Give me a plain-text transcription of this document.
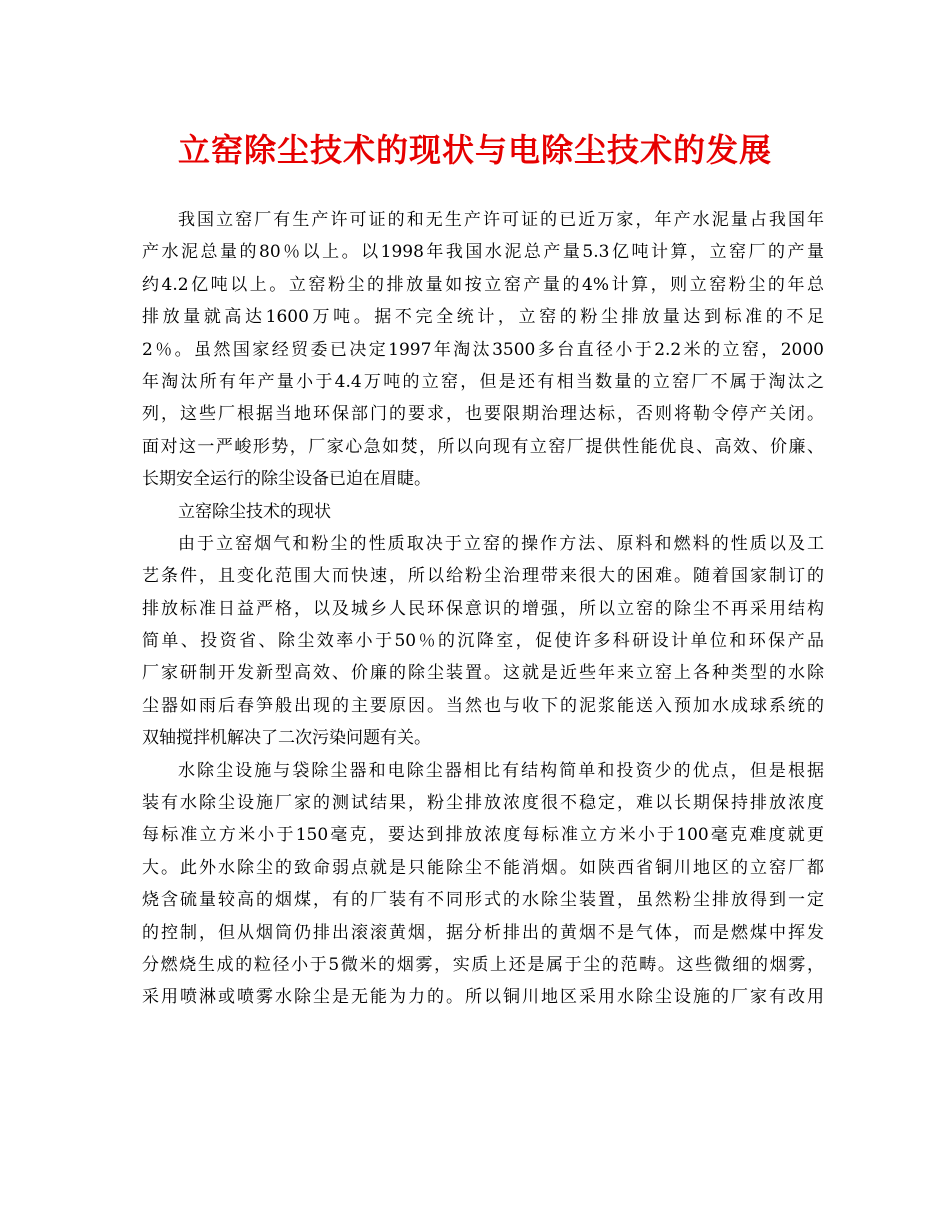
立窑除尘技术的现状与电除尘技术的发展
我国立窑厂有生产许可证的和无生产许可证的已近万家，年产水泥量占我国年
产水泥总量的80％以上。以1998年我国水泥总产量5.3亿吨计算，立窑厂的产量
约4.2亿吨以上。立窑粉尘的排放量如按立窑产量的4%计算，则立窑粉尘的年总
排放量就高达1600万吨。据不完全统计，立窑的粉尘排放量达到标准的不足
2％。虽然国家经贸委已决定1997年淘汰3500多台直径小于2.2米的立窑，2000
年淘汰所有年产量小于4.4万吨的立窑，但是还有相当数量的立窑厂不属于淘汰之
列，这些厂根据当地环保部门的要求，也要限期治理达标，否则将勒令停产关闭。
面对这一严峻形势，厂家心急如焚，所以向现有立窑厂提供性能优良、高效、价廉、
长期安全运行的除尘设备已迫在眉睫。
立窑除尘技术的现状
由于立窑烟气和粉尘的性质取决于立窑的操作方法、原料和燃料的性质以及工
艺条件，且变化范围大而快速，所以给粉尘治理带来很大的困难。随着国家制订的
排放标准日益严格，以及城乡人民环保意识的增强，所以立窑的除尘不再采用结构
简单、投资省、除尘效率小于50％的沉降室，促使许多科研设计单位和环保产品
厂家研制开发新型高效、价廉的除尘装置。这就是近些年来立窑上各种类型的水除
尘器如雨后春笋般出现的主要原因。当然也与收下的泥浆能送入预加水成球系统的
双轴搅拌机解决了二次污染问题有关。
水除尘设施与袋除尘器和电除尘器相比有结构简单和投资少的优点，但是根据
装有水除尘设施厂家的测试结果，粉尘排放浓度很不稳定，难以长期保持排放浓度
每标准立方米小于150毫克，要达到排放浓度每标准立方米小于100毫克难度就更
大。此外水除尘的致命弱点就是只能除尘不能消烟。如陕西省铜川地区的立窑厂都
烧含硫量较高的烟煤，有的厂装有不同形式的水除尘装置，虽然粉尘排放得到一定
的控制，但从烟筒仍排出滚滚黄烟，据分析排出的黄烟不是气体，而是燃煤中挥发
分燃烧生成的粒径小于5微米的烟雾，实质上还是属于尘的范畴。这些微细的烟雾，
采用喷淋或喷雾水除尘是无能为力的。所以铜川地区采用水除尘设施的厂家有改用
